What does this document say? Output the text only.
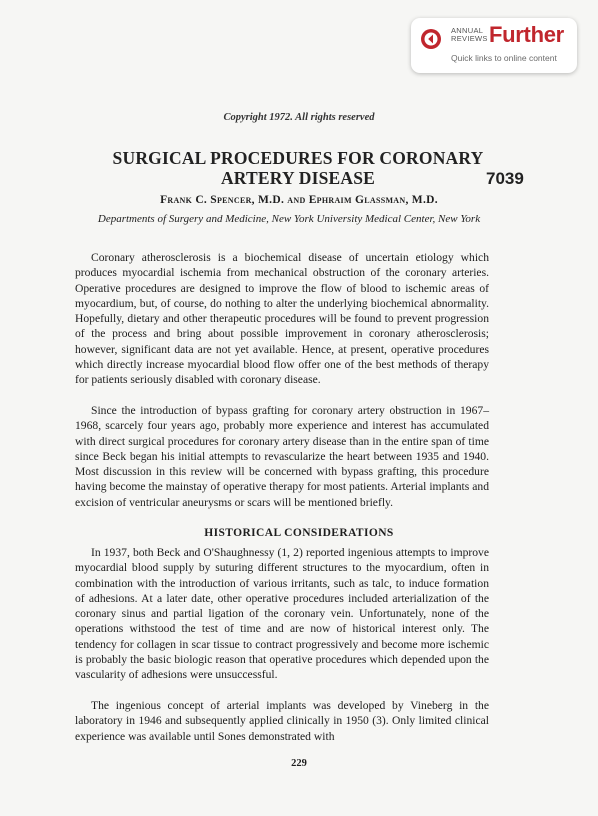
ANNUAL REVIEWS Further
Quick links to online content
Copyright 1972. All rights reserved
SURGICAL PROCEDURES FOR CORONARY ARTERY DISEASE	7039
Frank C. Spencer, M.D. and Ephraim Glassman, M.D.
Departments of Surgery and Medicine, New York University Medical Center, New York

Coronary atherosclerosis is a biochemical disease of uncertain etiology which produces myocardial ischemia from mechanical obstruction of the coronary arteries. Operative procedures are designed to improve the flow of blood to ischemic areas of myocardium, but, of course, do nothing to alter the underlying biochemical abnormality. Hopefully, dietary and other therapeutic procedures will be found to prevent progression of the process and bring about possible improvement in coronary atherosclerosis; however, significant data are not yet available. Hence, at present, operative procedures which directly increase myocardial blood flow offer one of the best methods of therapy for patients seriously disabled with coronary disease.

Since the introduction of bypass grafting for coronary artery obstruction in 1967–1968, scarcely four years ago, probably more experience and interest has accumulated with direct surgical procedures for coronary artery disease than in the entire span of time since Beck began his initial attempts to revascularize the heart between 1935 and 1940. Most discussion in this review will be concerned with bypass grafting, this procedure having become the mainstay of operative therapy for most patients. Arterial implants and excision of ventricular aneurysms or scars will be mentioned briefly.

HISTORICAL CONSIDERATIONS

In 1937, both Beck and O'Shaughnessy (1, 2) reported ingenious attempts to improve myocardial blood supply by suturing different structures to the myocardium, often in combination with the introduction of various irritants, such as talc, to induce formation of adhesions. At a later date, other operative procedures included arterialization of the coronary sinus and partial ligation of the coronary vein. Unfortunately, none of the operations withstood the test of time and are now of historical interest only. The tendency for collagen in scar tissue to contract progressively and become more ischemic is probably the basic biologic reason that operative procedures which depended upon the vascularity of adhesions were unsuccessful.

The ingenious concept of arterial implants was developed by Vineberg in the laboratory in 1946 and subsequently applied clinically in 1950 (3). Only limited clinical experience was available until Sones demonstrated with

229
